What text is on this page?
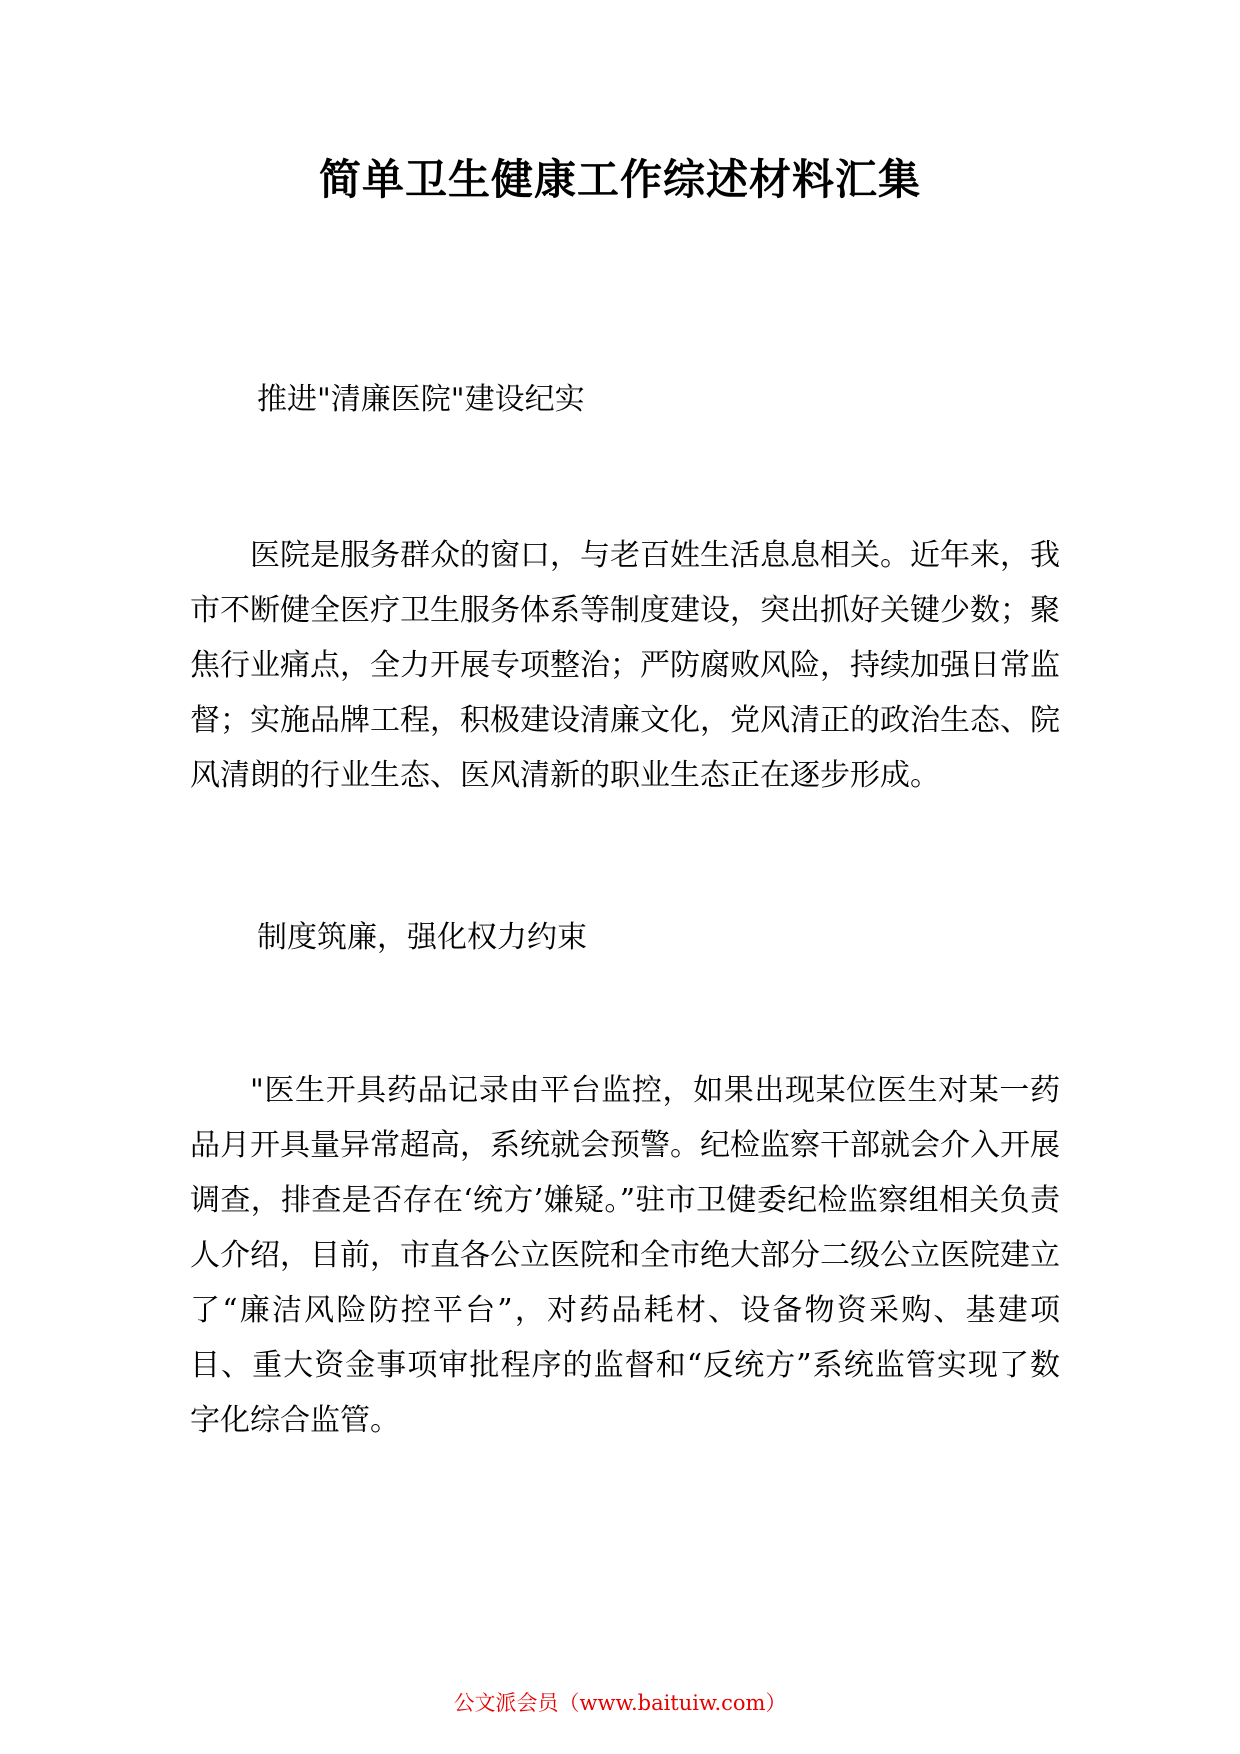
简单卫生健康工作综述材料汇集

推进"清廉医院"建设纪实

医院是服务群众的窗口，与老百姓生活息息相关。近年来，我市不断健全医疗卫生服务体系等制度建设，突出抓好关键少数；聚焦行业痛点，全力开展专项整治；严防腐败风险，持续加强日常监督；实施品牌工程，积极建设清廉文化，党风清正的政治生态、院风清朗的行业生态、医风清新的职业生态正在逐步形成。

制度筑廉，强化权力约束

"医生开具药品记录由平台监控，如果出现某位医生对某一药品月开具量异常超高，系统就会预警。纪检监察干部就会介入开展调查，排查是否存在‘统方’嫌疑。”驻市卫健委纪检监察组相关负责人介绍，目前，市直各公立医院和全市绝大部分二级公立医院建立了“廉洁风险防控平台”，对药品耗材、设备物资采购、基建项目、重大资金事项审批程序的监督和“反统方”系统监管实现了数字化综合监管。

公文派会员（www.baituiw.com）
